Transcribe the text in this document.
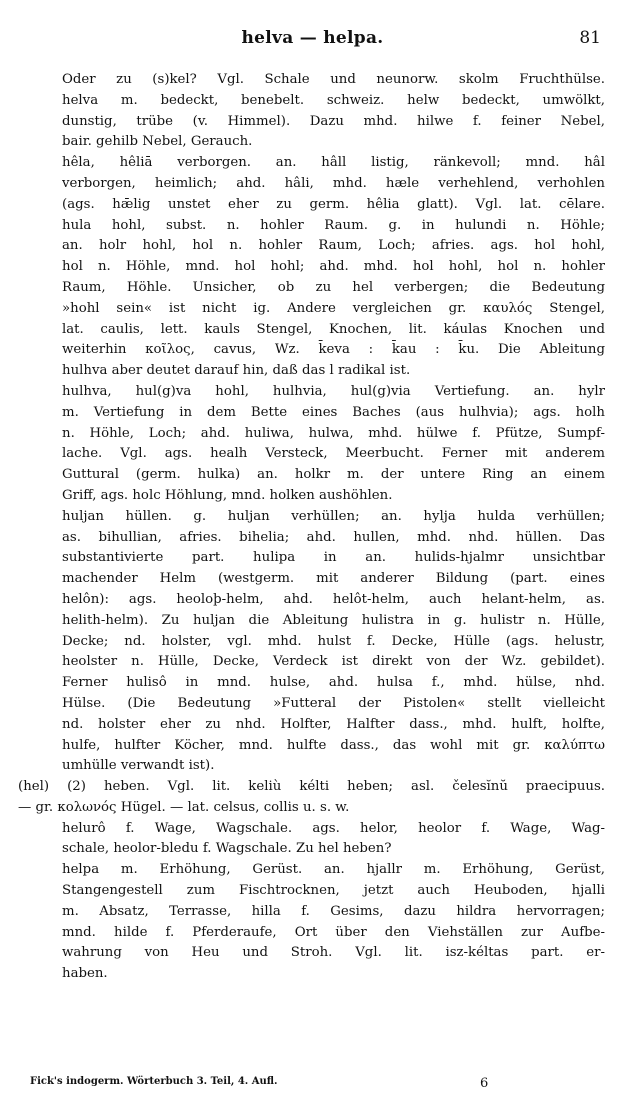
helva — helpa.	81
Oder zu (s)kel? Vgl. Schale und neunorw. skolm Fruchthülse.
helva m. bedeckt, benebelt. schweiz. helw bedeckt, umwölkt,
dunstig, trübe (v. Himmel). Dazu mhd. hilwe f. feiner Nebel,
bair. gehilb Nebel, Gerauch.
hêla, hêliā verborgen. an. hâll listig, ränkevoll; mnd. hâl
verborgen, heimlich; ahd. hâli, mhd. hæle verhehlend, verhohlen
(ags. hǣlig unstet eher zu germ. hêlia glatt). Vgl. lat. cēlare.
hula hohl, subst. n. hohler Raum. g. in hulundi n. Höhle;
an. holr hohl, hol n. hohler Raum, Loch; afries. ags. hol hohl,
hol n. Höhle, mnd. hol hohl; ahd. mhd. hol hohl, hol n. hohler
Raum, Höhle. Unsicher, ob zu hel verbergen; die Bedeutung
»hohl sein« ist nicht ig. Andere vergleichen gr. καυλός Stengel,
lat. caulis, lett. kauls Stengel, Knochen, lit. káulas Knochen und
weiterhin κοῖλος, cavus, Wz. k̄eva : k̄au : k̄u. Die Ableitung
hulhva aber deutet darauf hin, daß das l radikal ist.
hulhva, hul(g)va hohl, hulhvia, hul(g)via Vertiefung. an. hylr
m. Vertiefung in dem Bette eines Baches (aus hulhvia); ags. holh
n. Höhle, Loch; ahd. huliwa, hulwa, mhd. hülwe f. Pfütze, Sumpf-
lache. Vgl. ags. healh Versteck, Meerbucht. Ferner mit anderem
Guttural (germ. hulka) an. holkr m. der untere Ring an einem
Griff, ags. holc Höhlung, mnd. holken aushöhlen.
huljan hüllen. g. huljan verhüllen; an. hylja hulda verhüllen;
as. bihullian, afries. bihelia; ahd. hullen, mhd. nhd. hüllen. Das
substantivierte part. hulipa in an. hulids-hjalmr unsichtbar
machender Helm (westgerm. mit anderer Bildung (part. eines
helôn): ags. heoloþ-helm, ahd. helôt-helm, auch helant-helm, as.
helith-helm). Zu huljan die Ableitung hulistra in g. hulistr n. Hülle,
Decke; nd. holster, vgl. mhd. hulst f. Decke, Hülle (ags. helustr,
heolster n. Hülle, Decke, Verdeck ist direkt von der Wz. gebildet).
Ferner hulisô in mnd. hulse, ahd. hulsa f., mhd. hülse, nhd.
Hülse. (Die Bedeutung »Futteral der Pistolen« stellt vielleicht
nd. holster eher zu nhd. Holfter, Halfter dass., mhd. hulft, holfte,
hulfe, hulfter Köcher, mnd. hulfte dass., das wohl mit gr. καλύπτω
umhülle verwandt ist).
(hel) (2) heben. Vgl. lit. keliù kélti heben; asl. čelesĭnŭ praecipuus.
— gr. κολωνός Hügel. — lat. celsus, collis u. s. w.
helurô f. Wage, Wagschale. ags. helor, heolor f. Wage, Wag-
schale, heolor-bledu f. Wagschale. Zu hel heben?
helpa m. Erhöhung, Gerüst. an. hjallr m. Erhöhung, Gerüst,
Stangengestell zum Fischtrocknen, jetzt auch Heuboden, hjalli
m. Absatz, Terrasse, hilla f. Gesims, dazu hildra hervorragen;
mnd. hilde f. Pferderaufe, Ort über den Viehställen zur Aufbe-
wahrung von Heu und Stroh. Vgl. lit. isz-kéltas part. er-
haben.
Fick's indogerm. Wörterbuch 3. Teil, 4. Aufl.	6
